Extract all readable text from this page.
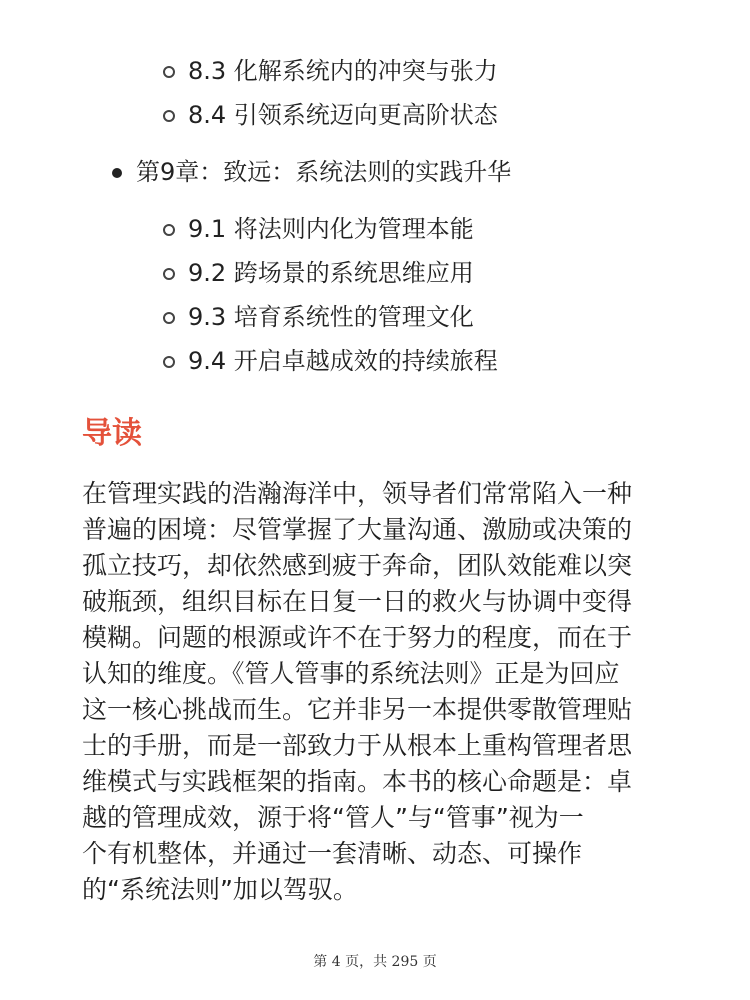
8.3 化解系统内的冲突与张力
8.4 引领系统迈向更高阶状态
第9章：致远：系统法则的实践升华
9.1 将法则内化为管理本能
9.2 跨场景的系统思维应用
9.3 培育系统性的管理文化
9.4 开启卓越成效的持续旅程
导读
在管理实践的浩瀚海洋中，领导者们常常陷入一种
普遍的困境：尽管掌握了大量沟通、激励或决策的
孤立技巧，却依然感到疲于奔命，团队效能难以突
破瓶颈，组织目标在日复一日的救火与协调中变得
模糊。问题的根源或许不在于努力的程度，而在于
认知的维度。《管人管事的系统法则》正是为回应
这一核心挑战而生。它并非另一本提供零散管理贴
士的手册，而是一部致力于从根本上重构管理者思
维模式与实践框架的指南。本书的核心命题是：卓
越的管理成效，源于将“管人”与“管事”视为一
个有机整体，并通过一套清晰、动态、可操作
的“系统法则”加以驾驭。
第 4 页，共 295 页
